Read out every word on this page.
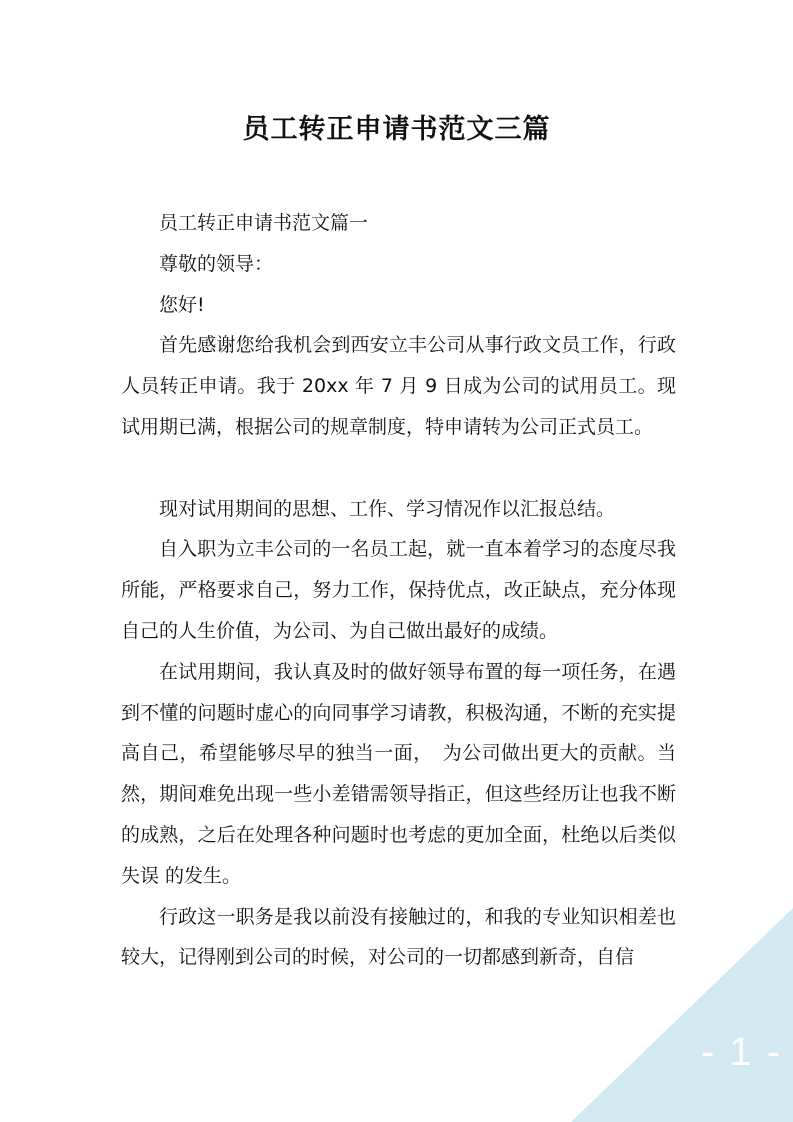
员工转正申请书范文三篇

员工转正申请书范文篇一

尊敬的领导：

您好!

首先感谢您给我机会到西安立丰公司从事行政文员工作，行政人员转正申请。我于 20xx 年 7 月 9 日成为公司的试用员工。现试用期已满，根据公司的规章制度，特申请转为公司正式员工。

现对试用期间的思想、工作、学习情况作以汇报总结。

自入职为立丰公司的一名员工起，就一直本着学习的态度尽我所能，严格要求自己，努力工作，保持优点，改正缺点，充分体现自己的人生价值，为公司、为自己做出最好的成绩。

在试用期间，我认真及时的做好领导布置的每一项任务，在遇到不懂的问题时虚心的向同事学习请教，积极沟通，不断的充实提高自己，希望能够尽早的独当一面，　为公司做出更大的贡献。当然，期间难免出现一些小差错需领导指正，但这些经历让也我不断的成熟，之后在处理各种问题时也考虑的更加全面，杜绝以后类似失误 的发生。

行政这一职务是我以前没有接触过的，和我的专业知识相差也较大，记得刚到公司的时候，对公司的一切都感到新奇，自信

- 1 -
